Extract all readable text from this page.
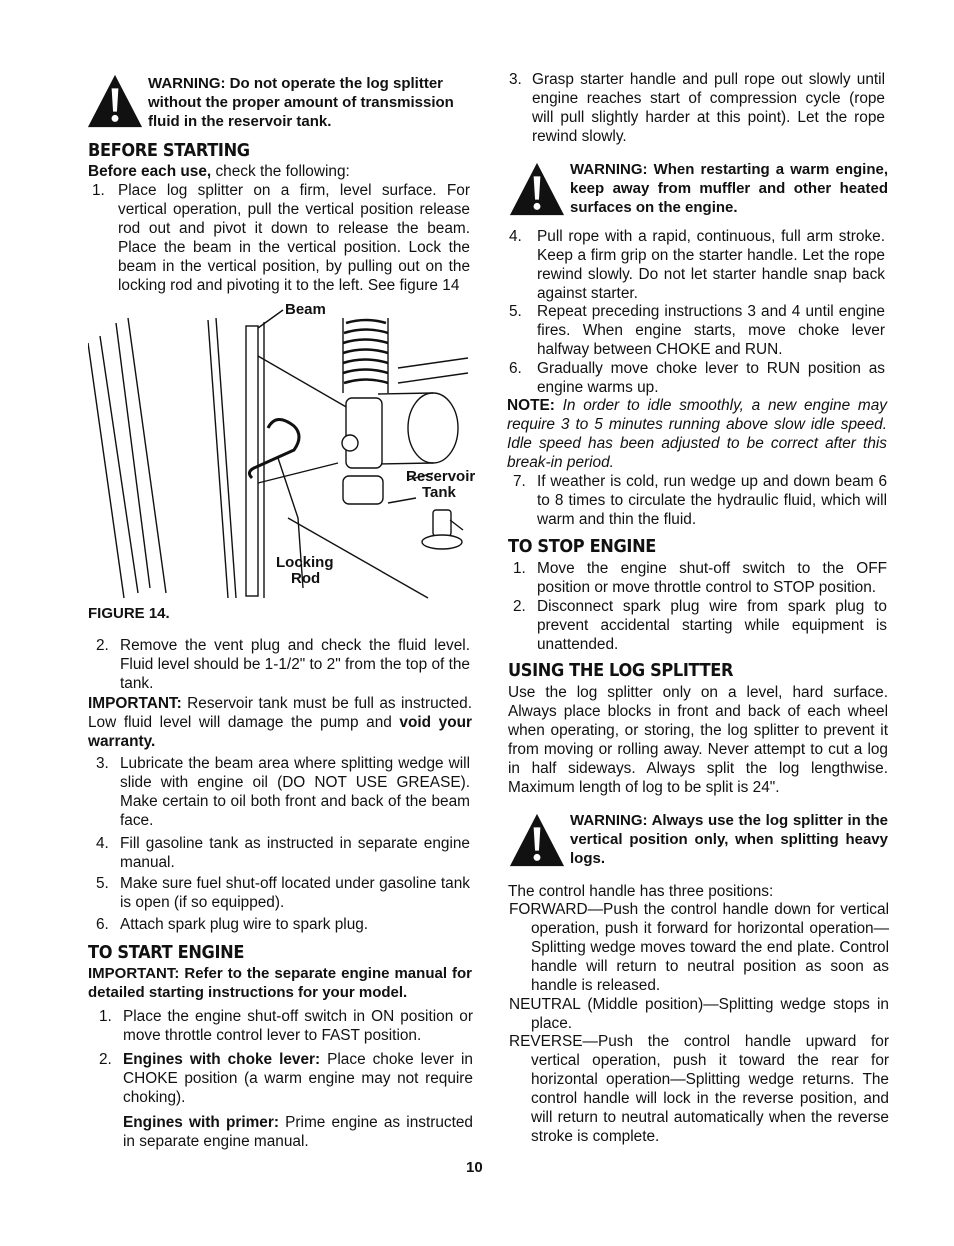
WARNING: Do not operate the log splitter without the proper amount of transmission fluid in the reservoir tank.
BEFORE STARTING
Before each use, check the following:
1. Place log splitter on a firm, level surface. For vertical operation, pull the vertical position release rod out and pivot it down to release the beam. Place the beam in the vertical position. Lock the beam in the vertical position, by pulling out on the locking rod and pivoting it to the left. See figure 14
Beam
Reservoir
Tank
Locking
Rod
FIGURE 14.
2. Remove the vent plug and check the fluid level. Fluid level should be 1-1/2" to 2" from the top of the tank.
IMPORTANT: Reservoir tank must be full as instructed. Low fluid level will damage the pump and void your warranty.
3. Lubricate the beam area where splitting wedge will slide with engine oil (DO NOT USE GREASE). Make certain to oil both front and back of the beam face.
4. Fill gasoline tank as instructed in separate engine manual.
5. Make sure fuel shut-off located under gasoline tank is open (if so equipped).
6. Attach spark plug wire to spark plug.
TO START ENGINE
IMPORTANT: Refer to the separate engine manual for detailed starting instructions for your model.
1. Place the engine shut-off switch in ON position or move throttle control lever to FAST position.
2. Engines with choke lever: Place choke lever in CHOKE position (a warm engine may not require choking).
Engines with primer: Prime engine as instructed in separate engine manual.
3. Grasp starter handle and pull rope out slowly until engine reaches start of compression cycle (rope will pull slightly harder at this point). Let the rope rewind slowly.
WARNING: When restarting a warm engine, keep away from muffler and other heated surfaces on the engine.
4. Pull rope with a rapid, continuous, full arm stroke. Keep a firm grip on the starter handle. Let the rope rewind slowly. Do not let starter handle snap back against starter.
5. Repeat preceding instructions 3 and 4 until engine fires. When engine starts, move choke lever halfway between CHOKE and RUN.
6. Gradually move choke lever to RUN position as engine warms up.
NOTE: In order to idle smoothly, a new engine may require 3 to 5 minutes running above slow idle speed. Idle speed has been adjusted to be correct after this break-in period.
7. If weather is cold, run wedge up and down beam 6 to 8 times to circulate the hydraulic fluid, which will warm and thin the fluid.
TO STOP ENGINE
1. Move the engine shut-off switch to the OFF position or move throttle control to STOP position.
2. Disconnect spark plug wire from spark plug to prevent accidental starting while equipment is unattended.
USING THE LOG SPLITTER
Use the log splitter only on a level, hard surface. Always place blocks in front and back of each wheel when operating, or storing, the log splitter to prevent it from moving or rolling away. Never attempt to cut a log in half sideways. Always split the log lengthwise. Maximum length of log to be split is 24".
WARNING: Always use the log splitter in the vertical position only, when splitting heavy logs.
The control handle has three positions:
FORWARD—Push the control handle down for vertical operation, push it forward for horizontal operation—Splitting wedge moves toward the end plate. Control handle will return to neutral position as soon as handle is released.
NEUTRAL (Middle position)—Splitting wedge stops in place.
REVERSE—Push the control handle upward for vertical operation, push it toward the rear for horizontal operation—Splitting wedge returns. The control handle will lock in the reverse position, and will return to neutral automatically when the reverse stroke is complete.
10
